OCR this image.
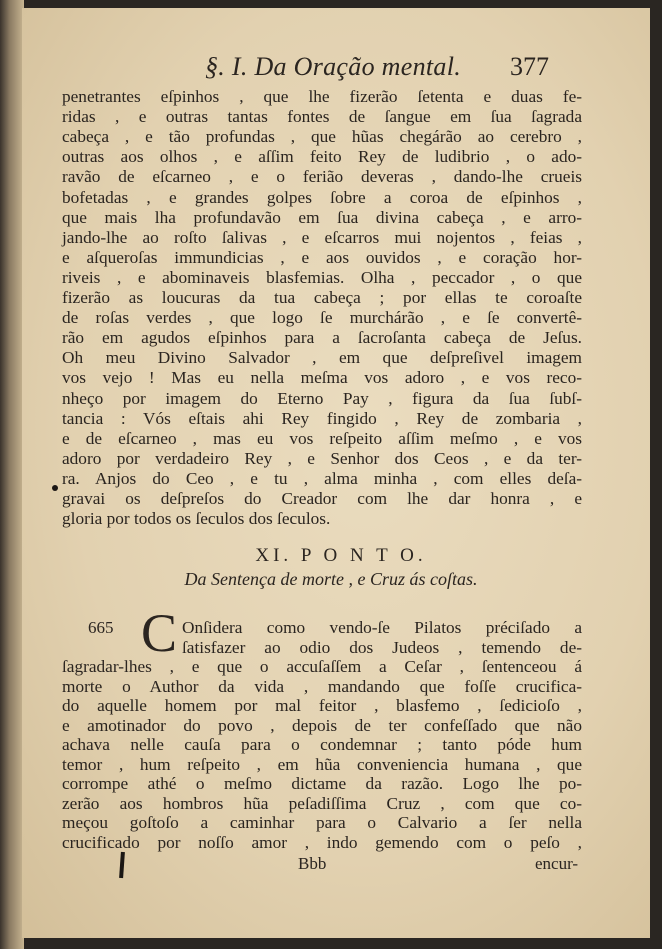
§. I. Da Oração mental. 377
penetrantes eſpinhos , que lhe fizerão ſetenta e duas fe-
ridas , e outras tantas fontes de ſangue em ſua ſagrada
cabeça , e tão profundas , que hũas chegárão ao cerebro ,
outras aos olhos , e aſſim feito Rey de ludibrio , o ado-
ravão de eſcarneo , e o ferião deveras , dando-lhe crueis
bofetadas , e grandes golpes ſobre a coroa de eſpinhos ,
que mais lha profundavão em ſua divina cabeça , e arro-
jando-lhe ao roſto ſalivas , e eſcarros mui nojentos , feias ,
e aſqueroſas immundicias , e aos ouvidos , e coração hor-
riveis , e abominaveis blasfemias. Olha , peccador , o que
fizerão as loucuras da tua cabeça ; por ellas te coroaſte
de roſas verdes , que logo ſe murchárão , e ſe convertê-
rão em agudos eſpinhos para a ſacroſanta cabeça de Jeſus.
Oh meu Divino Salvador , em que deſpreſivel imagem
vos vejo ! Mas eu nella meſma vos adoro , e vos reco-
nheço por imagem do Eterno Pay , figura da ſua ſubſ-
tancia : Vós eſtais ahi Rey fingido , Rey de zombaria ,
e de eſcarneo , mas eu vos reſpeito aſſim meſmo , e vos
adoro por verdadeiro Rey , e Senhor dos Ceos , e da ter-
ra. Anjos do Ceo , e tu , alma minha , com elles deſa-
gravai os deſpreſos do Creador com lhe dar honra , e
gloria por todos os ſeculos dos ſeculos.
XI. P O N T O.
Da Sentença de morte , e Cruz ás coſtas.
665 C Onſidera como vendo-ſe Pilatos préciſado a
ſatisfazer ao odio dos Judeos , temendo de-
ſagradar-lhes , e que o accuſaſſem a Ceſar , ſentenceou á
morte o Author da vida , mandando que foſſe crucifica-
do aquelle homem por mal feitor , blasfemo , ſedicioſo ,
e amotinador do povo , depois de ter confeſſado que não
achava nelle cauſa para o condemnar ; tanto póde hum
temor , hum reſpeito , em hũa conveniencia humana , que
corrompe athé o meſmo dictame da razão. Logo lhe po-
zerão aos hombros hũa peſadiſſima Cruz , com que co-
meçou goſtoſo a caminhar para o Calvario a ſer nella
crucificado por noſſo amor , indo gemendo com o peſo ,
Bbb	encur-
